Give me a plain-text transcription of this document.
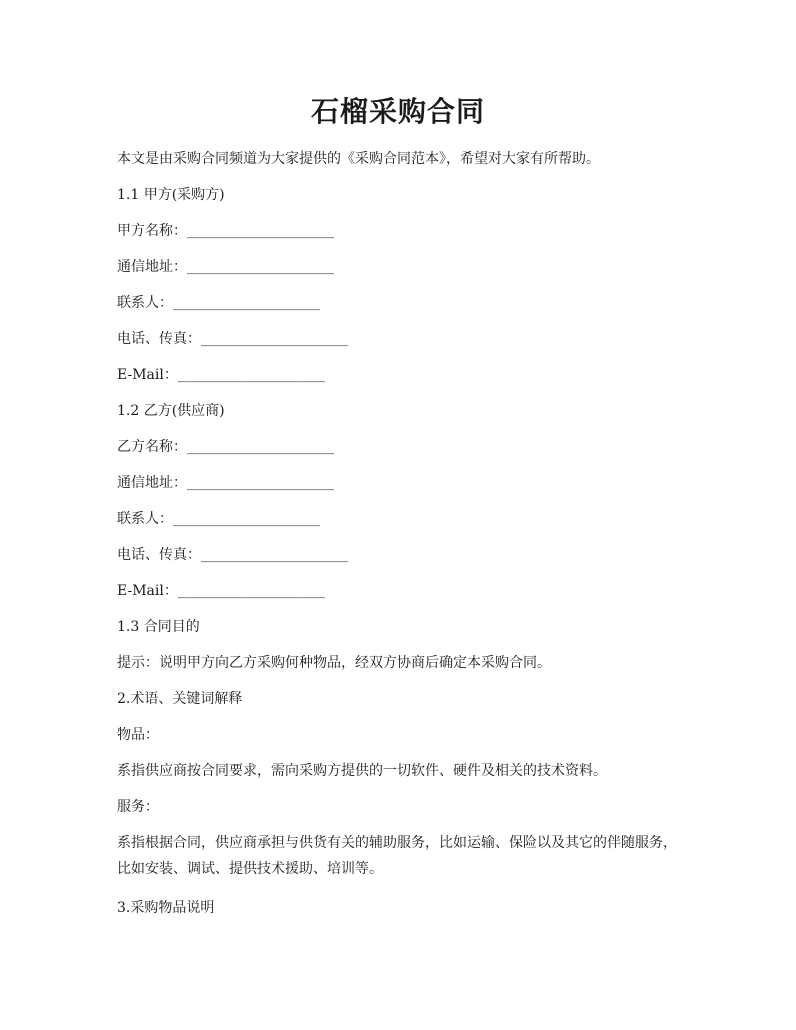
石榴采购合同

本文是由采购合同频道为大家提供的《采购合同范本》，希望对大家有所帮助。

1.1 甲方(采购方)

甲方名称：_____________________

通信地址：_____________________

联系人：_____________________

电话、传真：_____________________

E-Mail：_____________________

1.2 乙方(供应商)

乙方名称：_____________________

通信地址：_____________________

联系人：_____________________

电话、传真：_____________________

E-Mail：_____________________

1.3 合同目的

提示：说明甲方向乙方采购何种物品，经双方协商后确定本采购合同。

2.术语、关键词解释

物品：

系指供应商按合同要求，需向采购方提供的一切软件、硬件及相关的技术资料。

服务：

系指根据合同，供应商承担与供货有关的辅助服务，比如运输、保险以及其它的伴随服务，比如安装、调试、提供技术援助、培训等。

3.采购物品说明
